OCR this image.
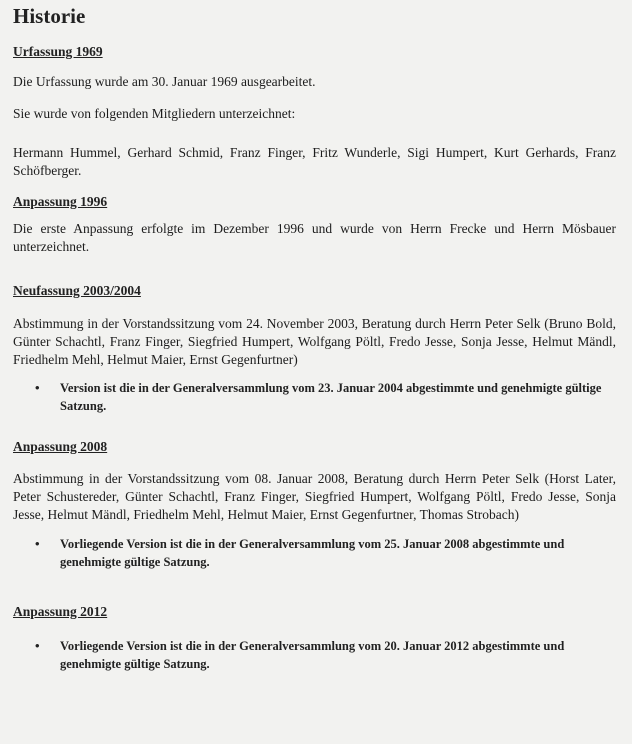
Historie
Urfassung 1969

Die Urfassung wurde am 30. Januar 1969 ausgearbeitet.

Sie wurde von folgenden Mitgliedern unterzeichnet:

Hermann Hummel, Gerhard Schmid, Franz Finger, Fritz Wunderle, Sigi Humpert, Kurt Gerhards, Franz Schöfberger.

Anpassung 1996

Die erste Anpassung erfolgte im Dezember 1996 und wurde von Herrn Frecke und Herrn Mösbauer unterzeichnet.

Neufassung 2003/2004

Abstimmung in der Vorstandssitzung vom 24. November 2003, Beratung durch Herrn Peter Selk (Bruno Bold, Günter Schachtl, Franz Finger, Siegfried Humpert, Wolfgang Pöltl, Fredo Jesse, Sonja Jesse, Helmut Mändl, Friedhelm Mehl, Helmut Maier, Ernst Gegenfurtner)

• Version ist die in der Generalversammlung vom 23. Januar 2004 abgestimmte und genehmigte gültige Satzung.
Anpassung 2008

Abstimmung in der Vorstandssitzung vom 08. Januar 2008, Beratung durch Herrn Peter Selk (Horst Later, Peter Schustereder, Günter Schachtl, Franz Finger, Siegfried Humpert, Wolfgang Pöltl, Fredo Jesse, Sonja Jesse, Helmut Mändl, Friedhelm Mehl, Helmut Maier, Ernst Gegenfurtner, Thomas Strobach)

• Vorliegende Version ist die in der Generalversammlung vom 25. Januar 2008 abgestimmte und genehmigte gültige Satzung.
Anpassung 2012
• Vorliegende Version ist die in der Generalversammlung vom 20. Januar 2012 abgestimmte und genehmigte gültige Satzung.
